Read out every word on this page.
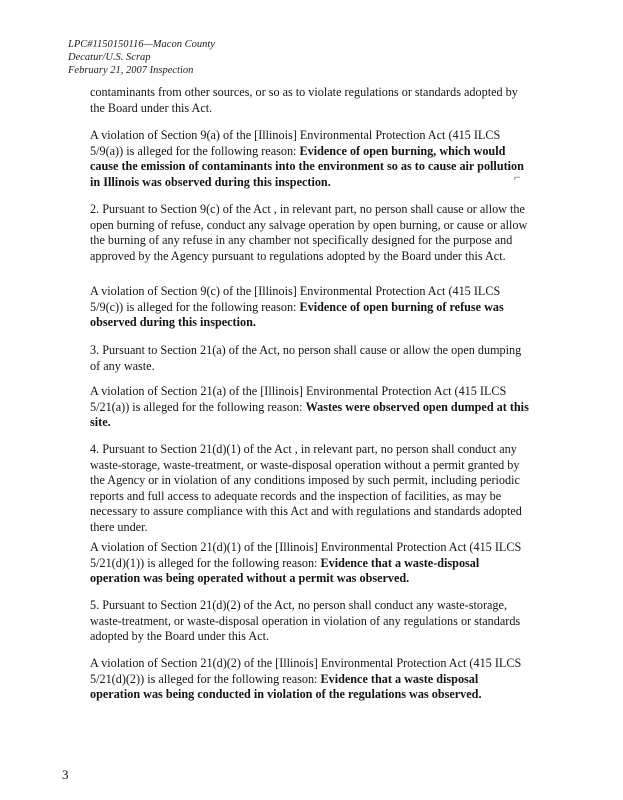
LPC#1150150116—Macon County
Decatur/U.S. Scrap
February 21, 2007 Inspection
⌐
contaminants from other sources, or so as to violate regulations or standards adopted by the Board under this Act.
A violation of Section 9(a) of the [Illinois] Environmental Protection Act (415 ILCS 5/9(a)) is alleged for the following reason: Evidence of open burning, which would cause the emission of contaminants into the environment so as to cause air pollution in Illinois was observed during this inspection.
2. Pursuant to Section 9(c) of the Act , in relevant part, no person shall cause or allow the open burning of refuse, conduct any salvage operation by open burning, or cause or allow the burning of any refuse in any chamber not specifically designed for the purpose and approved by the Agency pursuant to regulations adopted by the Board under this Act.
A violation of Section 9(c) of the [Illinois] Environmental Protection Act (415 ILCS 5/9(c)) is alleged for the following reason: Evidence of open burning of refuse was observed during this inspection.
3. Pursuant to Section 21(a) of the Act, no person shall cause or allow the open dumping of any waste.
A violation of Section 21(a) of the [Illinois] Environmental Protection Act (415 ILCS 5/21(a)) is alleged for the following reason: Wastes were observed open dumped at this site.
4. Pursuant to Section 21(d)(1) of the Act , in relevant part, no person shall conduct any waste-storage, waste-treatment, or waste-disposal operation without a permit granted by the Agency or in violation of any conditions imposed by such permit, including periodic reports and full access to adequate records and the inspection of facilities, as may be necessary to assure compliance with this Act and with regulations and standards adopted there under.
A violation of Section 21(d)(1) of the [Illinois] Environmental Protection Act (415 ILCS 5/21(d)(1)) is alleged for the following reason: Evidence that a waste-disposal operation was being operated without a permit was observed.
5. Pursuant to Section 21(d)(2) of the Act, no person shall conduct any waste-storage, waste-treatment, or waste-disposal operation in violation of any regulations or standards adopted by the Board under this Act.
A violation of Section 21(d)(2) of the [Illinois] Environmental Protection Act (415 ILCS 5/21(d)(2)) is alleged for the following reason: Evidence that a waste disposal operation was being conducted in violation of the regulations was observed.
3
